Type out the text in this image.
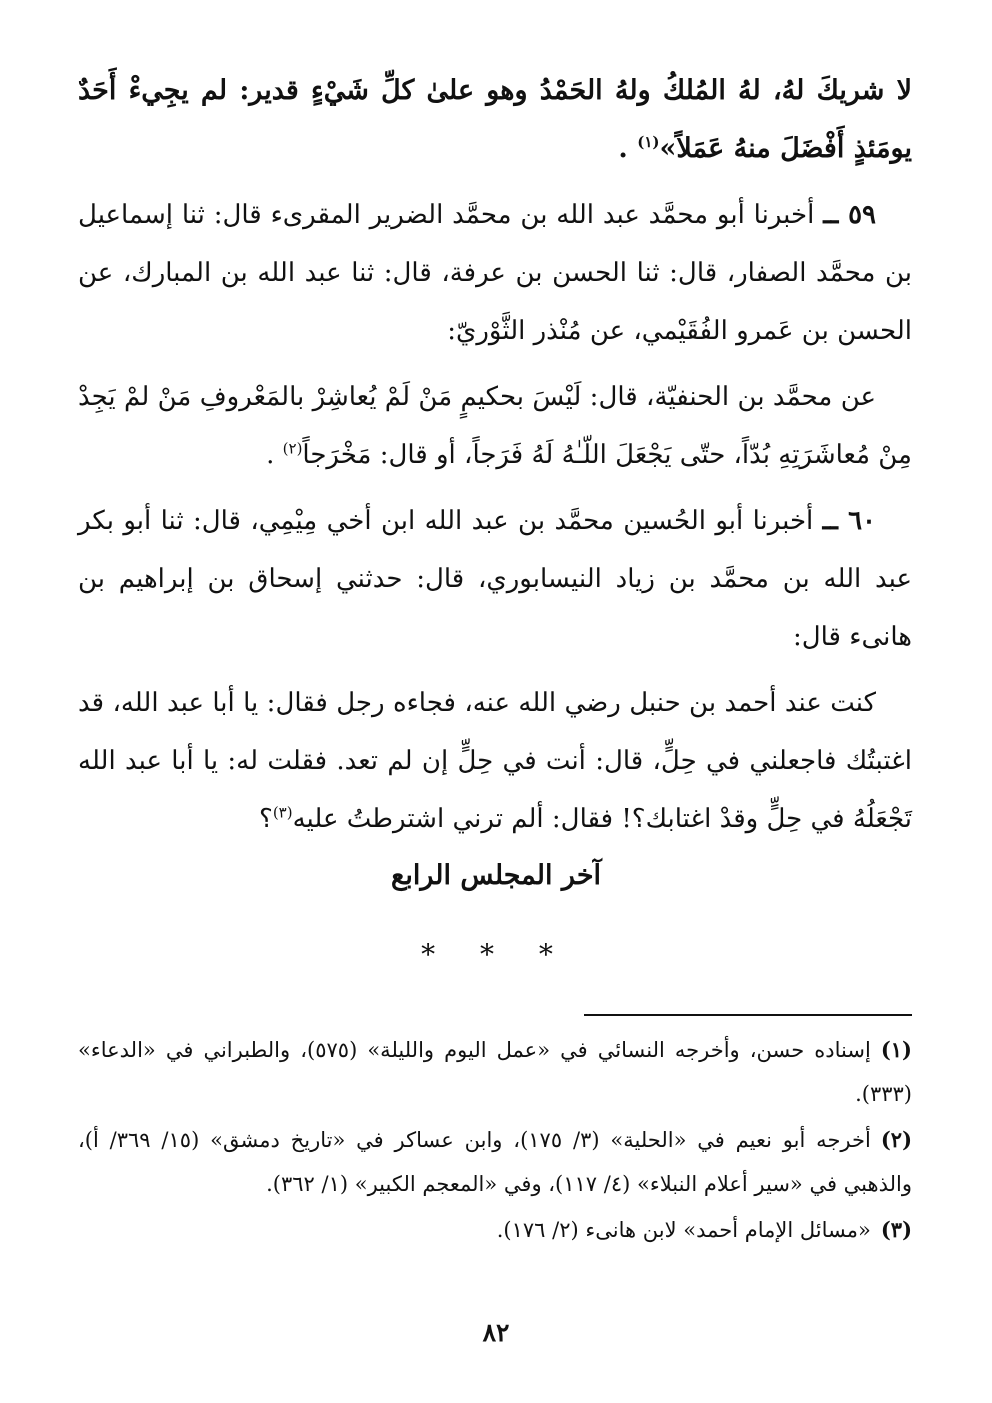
لا شريكَ لهُ، لهُ المُلكُ ولهُ الحَمْدُ وهو علىٰ كلِّ شَيْءٍ قدير: لم يجِيءْ أَحَدٌ يومَئذٍ أَفْضَلَ منهُ عَمَلاً»$^{(١)}$ .

٥٩ ــ أخبرنا أبو محمَّد عبد الله بن محمَّد الضرير المقرىء قال: ثنا إسماعيل بن محمَّد الصفار، قال: ثنا الحسن بن عرفة، قال: ثنا عبد الله بن المبارك، عن الحسن بن عَمرو الفُقَيْمي، عن مُنْذر الثَّوْريّ:

عن محمَّد بن الحنفيّة، قال: لَيْسَ بحكيمٍ مَنْ لَمْ يُعاشِرْ بالمَعْروفِ مَنْ لمْ يَجِدْ مِنْ مُعاشَرَتِهِ بُدّاً، حتّى يَجْعَلَ اللّـٰهُ لَهُ فَرَجاً، أو قال: مَخْرَجاً$^{(٢)}$ .

٦٠ ــ أخبرنا أبو الحُسين محمَّد بن عبد الله ابن أخي مِيْمِي، قال: ثنا أبو بكر عبد الله بن محمَّد بن زياد النيسابوري، قال: حدثني إسحاق بن إبراهيم بن هانىء قال:

كنت عند أحمد بن حنبل رضي الله عنه، فجاءه رجل فقال: يا أبا عبد الله، قد اغتبتُك فاجعلني في حِلٍّ، قال: أنت في حِلٍّ إن لم تعد. فقلت له: يا أبا عبد الله تَجْعَلُهُ في حِلٍّ وقدْ اغتابك؟! فقال: ألم ترني اشترطتُ عليه$^{(٣)}$؟

آخر المجلس الرابع
* * *

(١)إسناده حسن، وأخرجه النسائي في «عمل اليوم والليلة» (٥٧٥)، والطبراني في «الدعاء» (٣٣٣).

(٢)أخرجه أبو نعيم في «الحلية» (٣/ ١٧٥)، وابن عساكر في «تاريخ دمشق» (١٥/ ٣٦٩/ أ)، والذهبي في «سير أعلام النبلاء» (٤/ ١١٧)، وفي «المعجم الكبير» (١/ ٣٦٢).

(٣)«مسائل الإمام أحمد» لابن هانىء (٢/ ١٧٦).

٨٢
